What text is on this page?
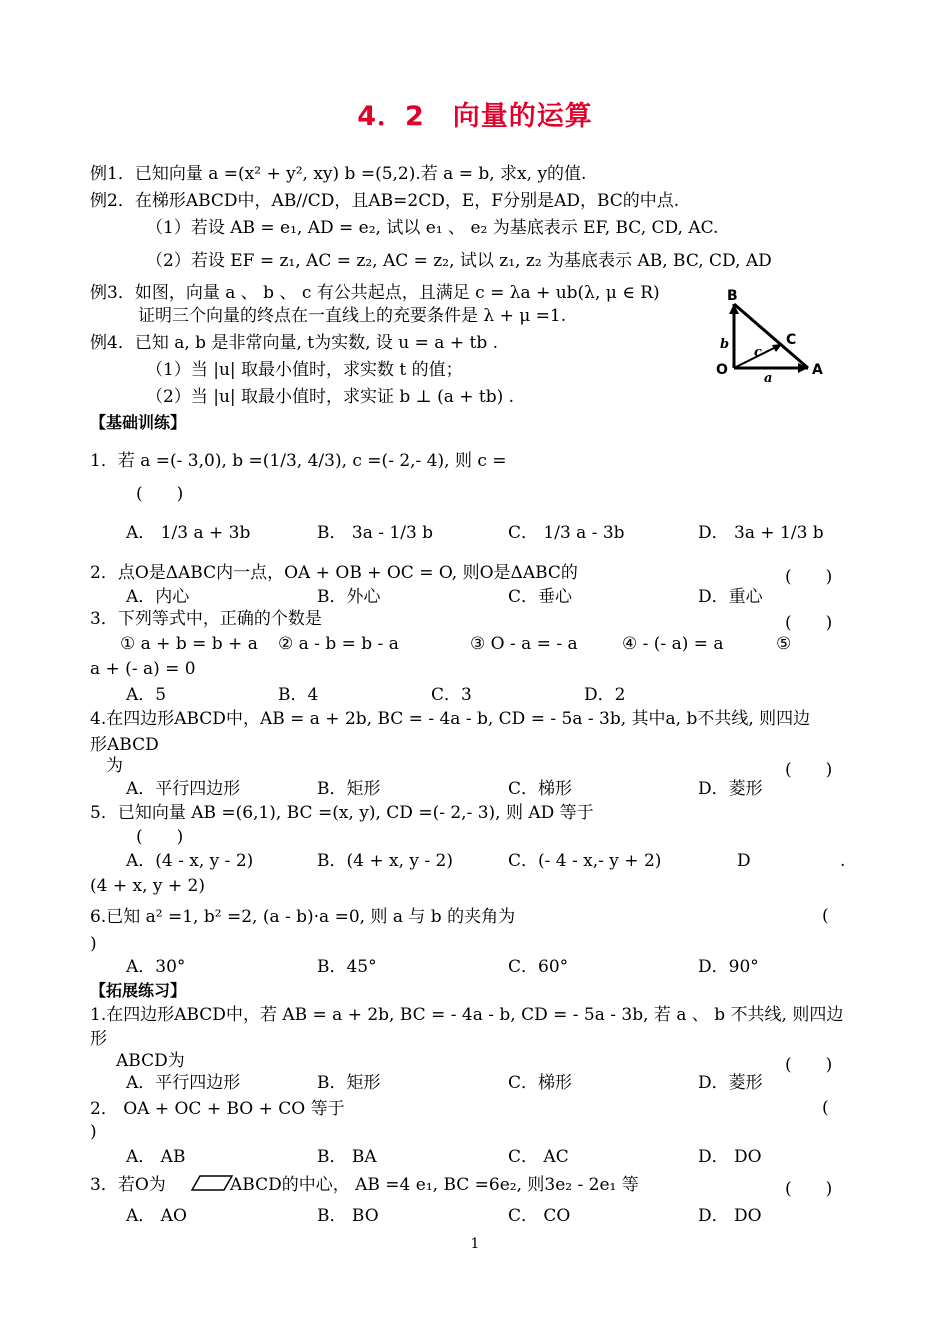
4．2　向量的运算
例1．已知向量 a =(x² + y², xy) b =(5,2).若 a = b, 求x, y的值.
例2．在梯形ABCD中，AB//CD，且AB=2CD，E，F分别是AD，BC的中点.
（1）若设 AB = e₁, AD = e₂, 试以 e₁ 、 e₂ 为基底表示 EF, BC, CD, AC.
（2）若设 EF = z₁, AC = z₂, AC = z₂, 试以 z₁, z₂ 为基底表示 AB, BC, CD, AD
例3．如图，向量 a 、 b 、 c 有公共起点，且满足 c = λa + ub(λ, μ ∈ R)
证明三个向量的终点在一直线上的充要条件是 λ + μ =1.
例4．已知 a, b 是非常向量, t为实数, 设 u = a + tb .
（1）当 |u| 取最小值时，求实数 t 的值；
（2）当 |u| 取最小值时，求实证 b ⊥ (a + tb) .
B
C
A
O
b
c
a
【基础训练】
1．若 a =(- 3,0), b =(1/3, 4/3), c =(- 2,- 4), 则 c =
(　　)
A． 1/3 a + 3b	B． 3a - 1/3 b	C． 1/3 a - 3b	D． 3a + 1/3 b
2．点O是ΔABC内一点，OA + OB + OC = O, 则O是ΔABC的	(　　)
A．内心	B．外心	C．垂心	D．重心
3．下列等式中，正确的个数是	(　　)
① a + b = b + a ② a - b = b - a	③ O - a = - a	④ - (- a) = a	⑤
a + (- a) = 0
A．5	B．4	C．3	D．2
4.在四边形ABCD中，AB = a + 2b, BC = - 4a - b, CD = - 5a - 3b, 其中a, b不共线, 则四边
形ABCD
为	(　　)
A．平行四边形	B．矩形	C．梯形	D．菱形
5．已知向量 AB =(6,1), BC =(x, y), CD =(- 2,- 3), 则 AD 等于
(　　)
A．(4 - x, y - 2)	B．(4 + x, y - 2)	C．(- 4 - x,- y + 2)	D	.
(4 + x, y + 2)
6.已知 a² =1, b² =2, (a - b)·a =0, 则 a 与 b 的夹角为	(
)
A．30°	B．45°	C．60°	D．90°
【拓展练习】
1.在四边形ABCD中，若 AB = a + 2b, BC = - 4a - b, CD = - 5a - 3b, 若 a 、 b 不共线, 则四边
形
ABCD为	(　　)
A．平行四边形	B．矩形	C．梯形	D．菱形
2． OA + OC + BO + CO 等于	(
)
A． AB	B． BA	C． AC	D． DO
3．若O为	ABCD的中心， AB =4 e₁, BC =6e₂, 则3e₂ - 2e₁ 等	(　　)
A． AO	B． BO	C． CO	D． DO
1
